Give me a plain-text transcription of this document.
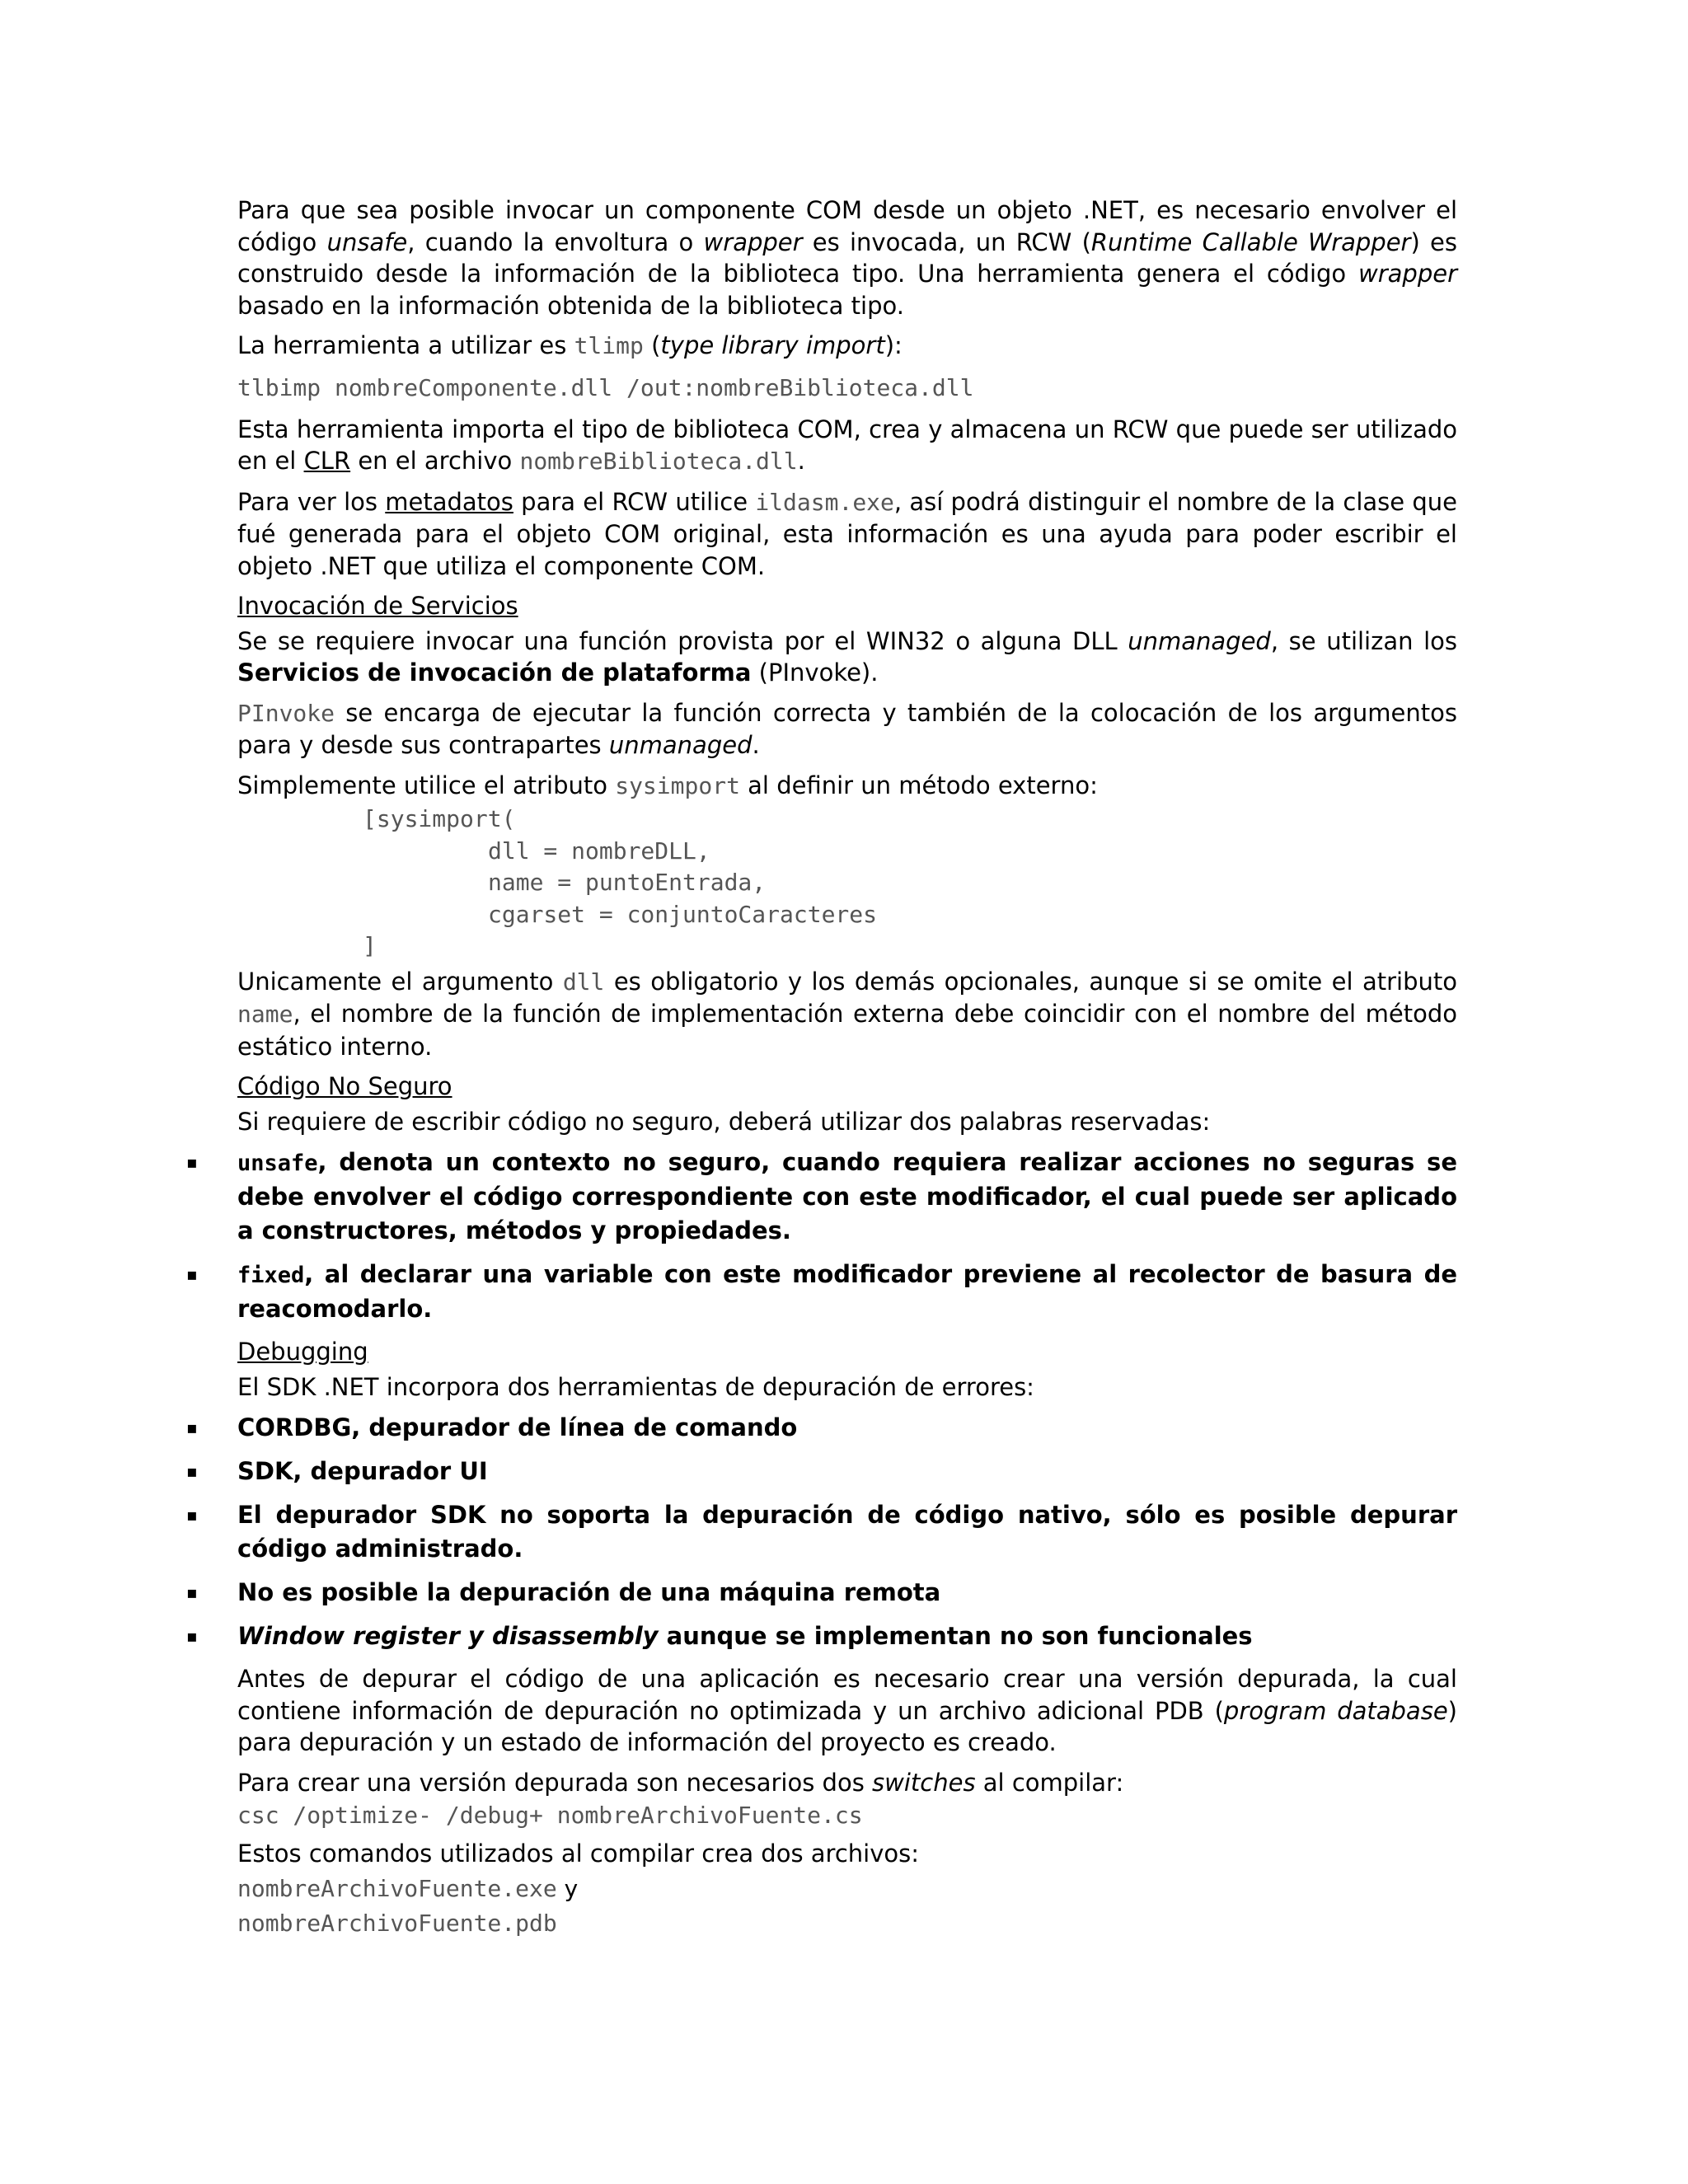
Para que sea posible invocar un componente COM desde un objeto .NET, es necesario envolver el código unsafe, cuando la envoltura o wrapper es invocada, un RCW (Runtime Callable Wrapper) es construido desde la información de la biblioteca tipo. Una herramienta genera el código wrapper basado en la información obtenida de la biblioteca tipo.

La herramienta a utilizar es tlimp (type library import):

tlbimp nombreComponente.dll /out:nombreBiblioteca.dll

Esta herramienta importa el tipo de biblioteca COM, crea y almacena un RCW que puede ser utilizado en el CLR en el archivo nombreBiblioteca.dll.

Para ver los metadatos para el RCW utilice ildasm.exe, así podrá distinguir el nombre de la clase que fué generada para el objeto COM original, esta información es una ayuda para poder escribir el objeto .NET que utiliza el componente COM.

Invocación de Servicios

Se se requiere invocar una función provista por el WIN32 o alguna DLL unmanaged, se utilizan los Servicios de invocación de plataforma (PInvoke).

PInvoke se encarga de ejecutar la función correcta y también de la colocación de los argumentos para y desde sus contrapartes unmanaged.

Simplemente utilice el atributo sysimport al definir un método externo:

[sysimport(
dll = nombreDLL,
name = puntoEntrada,
cgarset = conjuntoCaracteres
]

Unicamente el argumento dll es obligatorio y los demás opcionales, aunque si se omite el atributo name, el nombre de la función de implementación externa debe coincidir con el nombre del método estático interno.

Código No Seguro

Si requiere de escribir código no seguro, deberá utilizar dos palabras reservadas:

▪ unsafe, denota un contexto no seguro, cuando requiera realizar acciones no seguras se debe envolver el código correspondiente con este modificador, el cual puede ser aplicado a constructores, métodos y propiedades.
▪ fixed, al declarar una variable con este modificador previene al recolector de basura de reacomodarlo.
Debugging

El SDK .NET incorpora dos herramientas de depuración de errores:

▪ CORDBG, depurador de línea de comando
▪ SDK, depurador UI
▪ El depurador SDK no soporta la depuración de código nativo, sólo es posible depurar código administrado.
▪ No es posible la depuración de una máquina remota
▪ Window register y disassembly aunque se implementan no son funcionales

Antes de depurar el código de una aplicación es necesario crear una versión depurada, la cual contiene información de depuración no optimizada y un archivo adicional PDB (program database) para depuración y un estado de información del proyecto es creado.

Para crear una versión depurada son necesarios dos switches al compilar:

csc /optimize- /debug+ nombreArchivoFuente.cs

Estos comandos utilizados al compilar crea dos archivos:

nombreArchivoFuente.exe y

nombreArchivoFuente.pdb
